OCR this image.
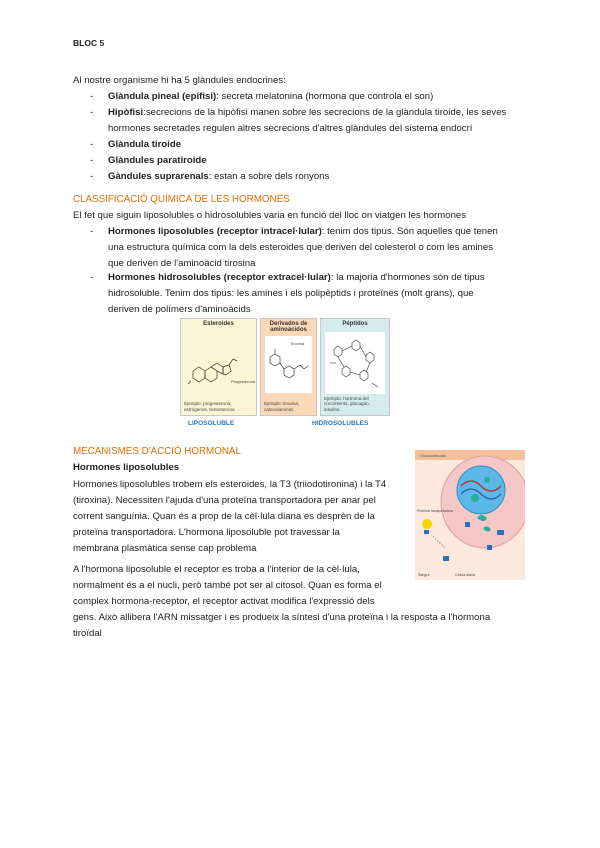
BLOC 5
Al nostre organisme hi ha 5 glàndules endocrines:
- Glàndula pineal (epífisi): secreta melatonina (hormona que controla el son)
- Hipòfisi:secrecions de la hipòfisi manen sobre les secrecions de la glàndula tiroide, les seves
hormones secretades regulen altres secrecions d'altres glàndules del sistema endocrí
- Glàndula tiroide
- Glàndules paratiroide
- Gàndules suprarenals: estan a sobre dels ronyons
CLASSIFICACIÓ QUÍMICA DE LES HORMONES
El fet que siguin liposolubles o hidrosolubles varia en funció del lloc on viatgen les hormones
- Hormones liposolubles (receptor intracel·lular): tenim dos tipus. Són aquelles que tenen
una estructura química com la dels esteroides que deriven del colesterol o com les amines
que deriven de l'aminoàcid tirosina
- Hormones hidrosolubles (receptor extracel·lular): la majoria d'hormones són de tipus
hidrosoluble. Tenim dos tipus: les amines i els polipèptids i proteïnes (molt grans), que
deriven de polímers d'aminoàcids
Esteroides
Progesterona
Ejemplo: progesterona, estrógenos, testosterona
Derivados de aminoácidos
Tiroxina
Ejemplo: tiroxina, catecolaminas
Péptidos
Ejemplo: hormona del crecimiento, glucagón, insulina
LIPOSOLUBLE	HIDROSOLUBLES
MECANISMES D'ACCIÓ HORMONAL
Hormones liposolubles
Hormones liposolubles trobem els esteroides, la T3 (triiodotironina) i la T4
(tiroxina). Necessiten l'ajuda d'una proteïna transportadora per anar pel
corrent sanguínia. Quan és a prop de la cèl·lula diana es desprèn de la
proteïna transportadora. L'hormona liposoluble pot travessar la
membrana plasmàtica sense cap problema
A l'hormona liposoluble el receptor es troba a l'interior de la cèl·lula,
normalment és a el nucli, però també pot ser al citosol. Quan es forma el
complex hormona-receptor, el receptor activat modifica l'expressió dels
gens. Això allibera l'ARN missatger i es produeix la síntesi d'una proteïna i la resposta a l'hormona
tiroïdal
Glucocorticoide
Proteína transportadora
Sangre	Célula diana
